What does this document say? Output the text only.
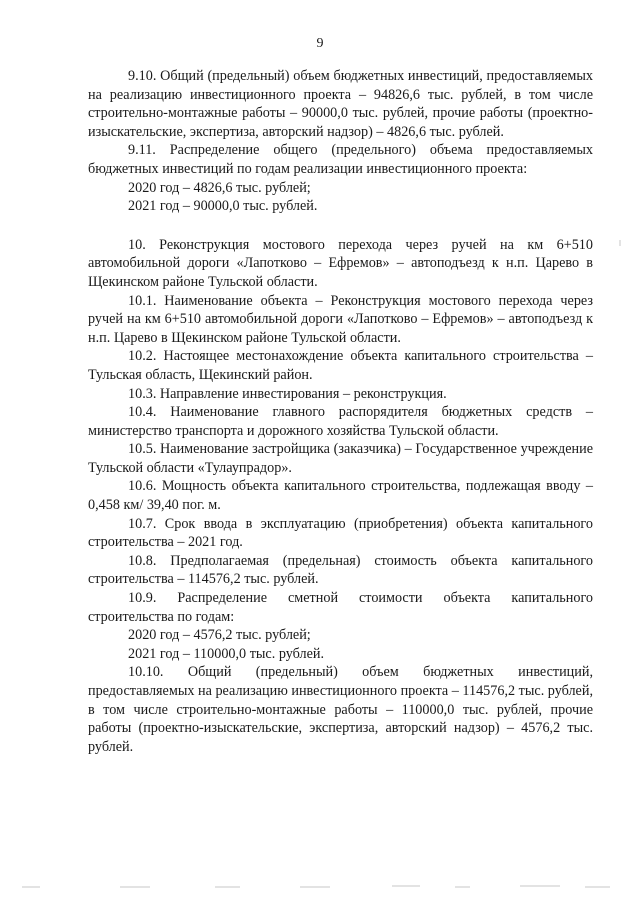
9

9.10. Общий (предельный) объем бюджетных инвестиций, предоставляемых на реализацию инвестиционного проекта – 94826,6 тыс. рублей, в том числе строительно-монтажные работы – 90000,0 тыс. рублей, прочие работы (проектно-изыскательские, экспертиза, авторский надзор) – 4826,6 тыс. рублей.

9.11. Распределение общего (предельного) объема предоставляемых бюджетных инвестиций по годам реализации инвестиционного проекта:

2020 год – 4826,6 тыс. рублей;

2021 год – 90000,0 тыс. рублей.

10. Реконструкция мостового перехода через ручей на км 6+510 автомобильной дороги «Лапотково – Ефремов» – автоподъезд к н.п. Царево в Щекинском районе Тульской области.

10.1. Наименование объекта – Реконструкция мостового перехода через ручей на км 6+510 автомобильной дороги «Лапотково – Ефремов» – автоподъезд к н.п. Царево в Щекинском районе Тульской области.

10.2. Настоящее местонахождение объекта капитального строительства – Тульская область, Щекинский район.

10.3. Направление инвестирования – реконструкция.

10.4. Наименование главного распорядителя бюджетных средств – министерство транспорта и дорожного хозяйства Тульской области.

10.5. Наименование застройщика (заказчика) – Государственное учреждение Тульской области «Тулаупрадор».

10.6. Мощность объекта капитального строительства, подлежащая вводу – 0,458 км/ 39,40 пог. м.

10.7. Срок ввода в эксплуатацию (приобретения) объекта капитального строительства – 2021 год.

10.8. Предполагаемая (предельная) стоимость объекта капитального строительства – 114576,2 тыс. рублей.

10.9. Распределение сметной стоимости объекта капитального строительства по годам:

2020 год – 4576,2 тыс. рублей;

2021 год – 110000,0 тыс. рублей.

10.10. Общий (предельный) объем бюджетных инвестиций, предоставляемых на реализацию инвестиционного проекта – 114576,2 тыс. рублей, в том числе строительно-монтажные работы – 110000,0 тыс. рублей, прочие работы (проектно-изыскательские, экспертиза, авторский надзор) – 4576,2 тыс. рублей.
